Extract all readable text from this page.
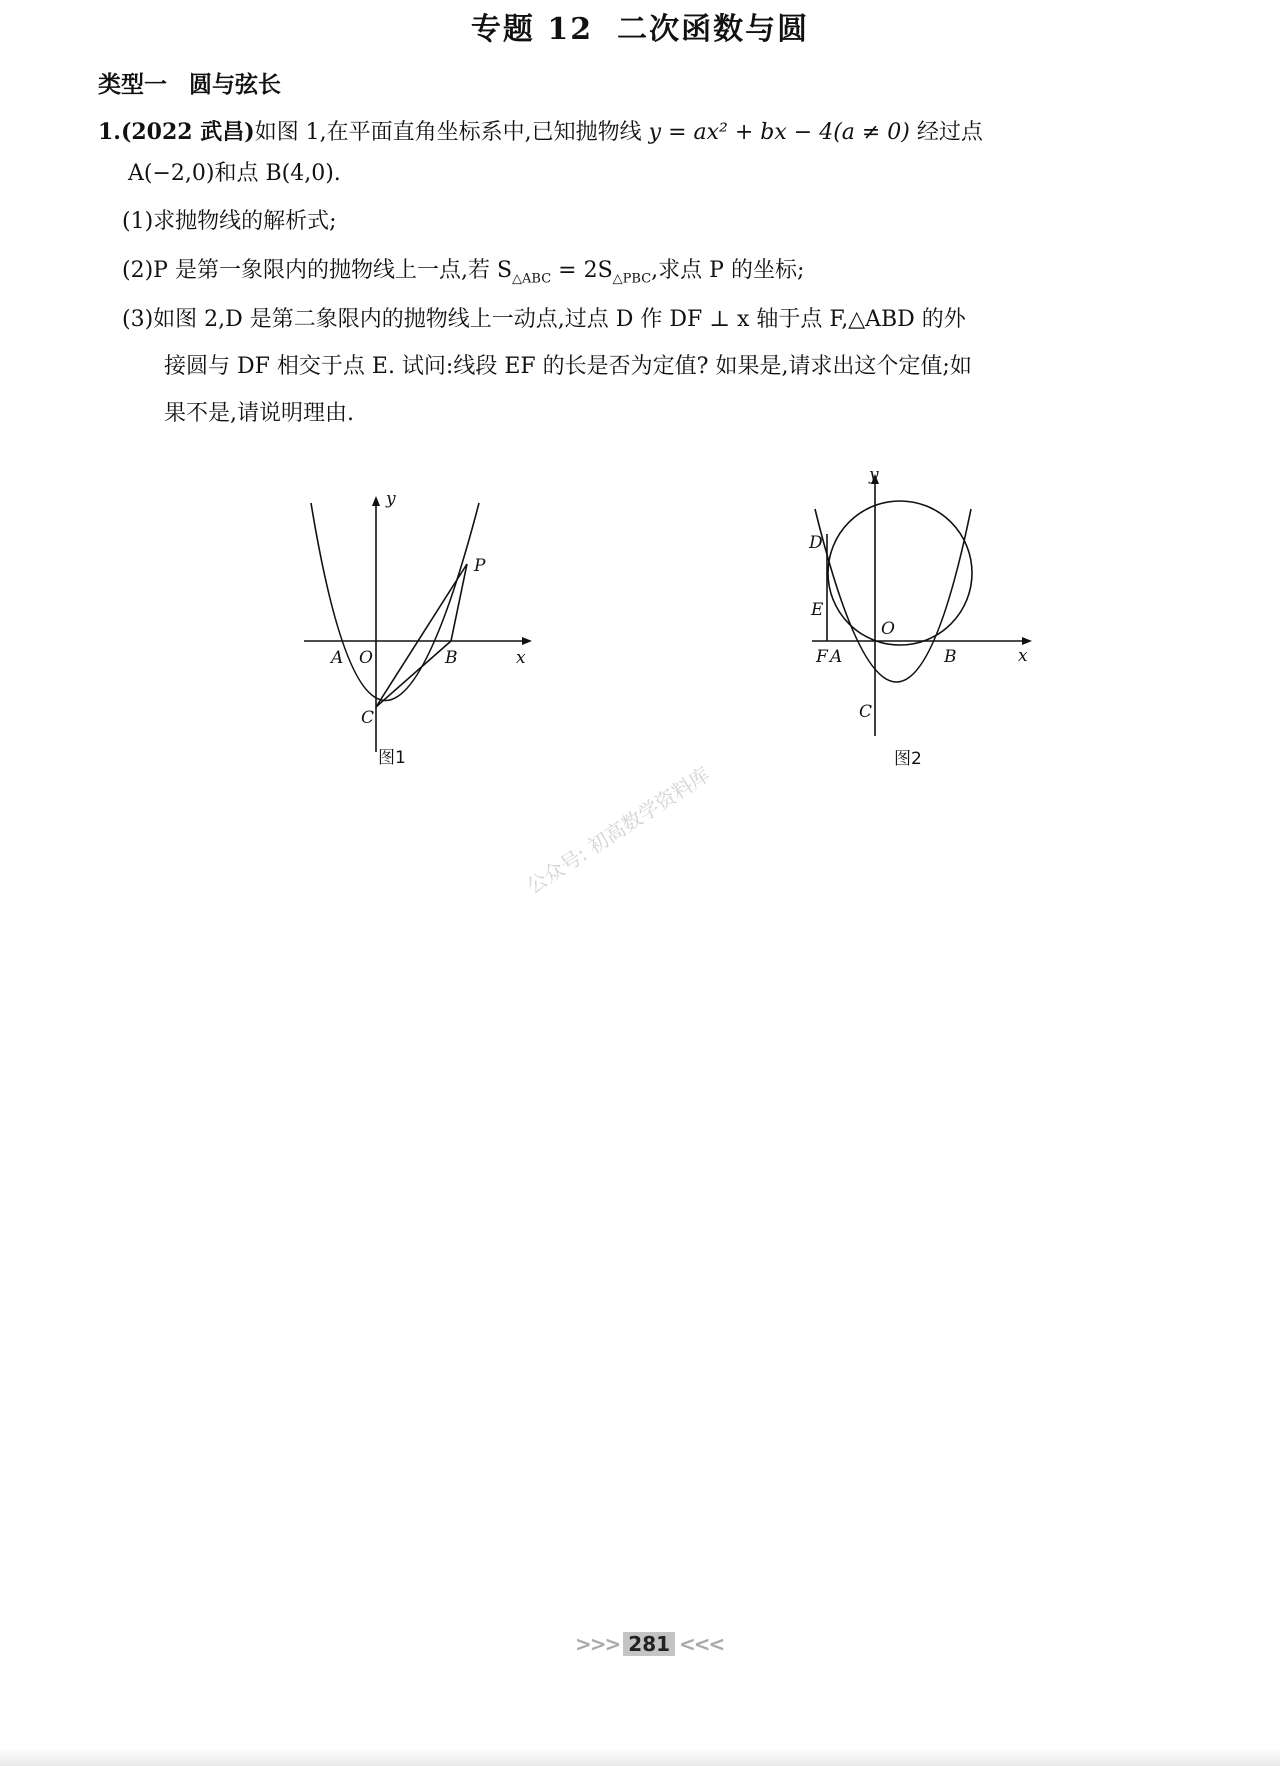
专题 12 二次函数与圆
类型一 圆与弦长
1.(2022 武昌)如图 1,在平面直角坐标系中,已知抛物线 y = ax² + bx − 4(a ≠ 0) 经过点
A(−2,0)和点 B(4,0).
(1)求抛物线的解析式;
(2)P 是第一象限内的抛物线上一点,若 $S_{\triangle ABC} = 2S_{\triangle PBC}$,求点 P 的坐标;
(3)如图 2,D 是第二象限内的抛物线上一动点,过点 D 作 DF ⊥ x 轴于点 F,△ABD 的外
接圆与 DF 相交于点 E. 试问:线段 EF 的长是否为定值? 如果是,请求出这个定值;如
果不是,请说明理由.
y
x
A O	B
C
P
图1
y
x
D
E
O
F A	B
C
图2
公众号: 初高数学资料库
>>> 281 <<<
